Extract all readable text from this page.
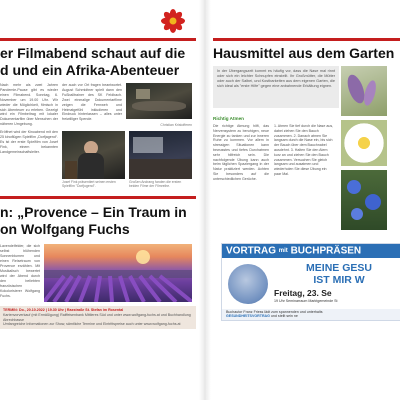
er Filmabend schaut auf die
d und ein Afrika-Abenteuer
Nach mehr als zwei Jahren Pandemie-Pause gibt es wieder einen Filmabend. Sonntag, 6. November um 19.00 Uhr. Wir wieder die Möglichkeit, filmisch in sich Abenteuer zu erleben. Gezeigt wird ein Filmbeitrag mit lokaler Dokumentarfilm über Menschen der näheren Umgebung.
Eröffnet wird der Kinoabend mit den 25 kinoflügen Spielfilm „Dorfjagend“. Es ist der erste Spielfilm von Josef Fink, einem bekannten Landgemeinschaftsleiter.
der auch vor Ort fragen beantwortet. August Schmidtner spielt dann den Fußballtrainer des SK Feldbach. Zwei einmalige Dokumentarfilme zeigen die Fernweh und Heimatgefühl inkludieren und Eindruck hinterlassen – alles unter freiwilliger Spende.
Christian Kristofferen
Josef Fink präsentiert seinen ersten Spielfilm "Dorfjugend".
Großen Andrang fanden die ersten beiden Filme der Filmreihe.
n: „Provence – Ein Traum in
on Wolfgang Fuchs
Lavendelfelder, die sich selbst blühenden Sonnenblumen und einen Reisetraum von Provence erzählen. Mit Musikalisch bewertet wird der Abend durch den beliebten französischen Kokolorisierer Wolfgang Fuchs.
TERMIN: Do., 20.10.2022 | 19.30 Uhr | Raxstraße St. Stefan im Rosental
Kartenvorverkauf (mit Ermäßigung) Raiffeisenbank Mittleres Süd und unter www.wolfgang-fuchs.at und Buchhandlung Abrechbasse
Umfangreiche Informationen zur Show, sämtliche Termine und Eintrittspreise auch unter www.wolfgang-fuchs.at
Hausmittel aus dem Garten
In der Übergangszeit kommt es häufig vor, dass die Nase mal rinnt oder sich ein leichter Schnupfen einstellt. Ihr Großmütter, die Mütter oder auch der Salbei, und Kostbarkeiten aus dem eigenen Garten, die sich ideal als "erste Hilfe" gegen eine anbahnende Erkältung eignen.
Richtig Atmen
Die richtige Atmung hilft, das Nervensystem zu beruhigen, neue Energie zu tanken und zur inneren Ruhe zu kommen. Vor allem in stressigen Situationen kann bewusstes und tiefes Durchatmen sehr hilfreich sein. Die nachfolgende Übung kann auch beim täglichen Spaziergang in der Natur praktiziert werden. Achten Sie besonders auf die unterschiedlichen Gerüche.
1. Atmen Sie tief durch die Nase aus, dabei ziehen Sie den Bauch zusammen. 2. Danach atmen Sie langsam durch die Nase ein, bis sich der Bauch über dem Bauchnabel ausdehnt. 3. Halten Sie den Atem kurz an und ziehen Sie den Bauch zusammen. Versuchen Sie gleich langsam und ausatmen und wiederholen Sie diese Übung ein paar Mal.
VORTRAG mit BUCHPRÄSEN
MEINE GESU
IST MIR W
Freitag, 23. Se
19 Uhr Seminarraum Marktgemeinde St
Buchautor Franz Friess lädt zum spannenden und unterhalts
GESUNDHEITSVORTRAG und stellt sein ne
